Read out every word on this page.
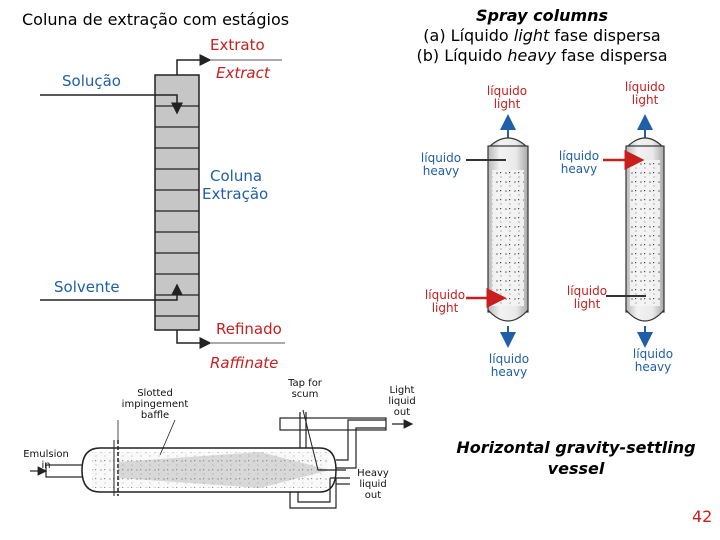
Coluna de extração com estágios
Extrato
Extract
Solução
Coluna
Extração
Solvente
Refinado
Raffinate
Spray columns
(a) Líquido light fase dispersa
(b) Líquido heavy fase dispersa
líquido
light
líquido
heavy
líquido
light
líquido
heavy
líquido
light
líquido
heavy
líquido
light
líquido
heavy
Slotted
impingement
baffle
Tap for
scum	Light
liquid
out
Emulsion
in
Heavy
liquid
out
Horizontal gravity-settling
vessel
42
